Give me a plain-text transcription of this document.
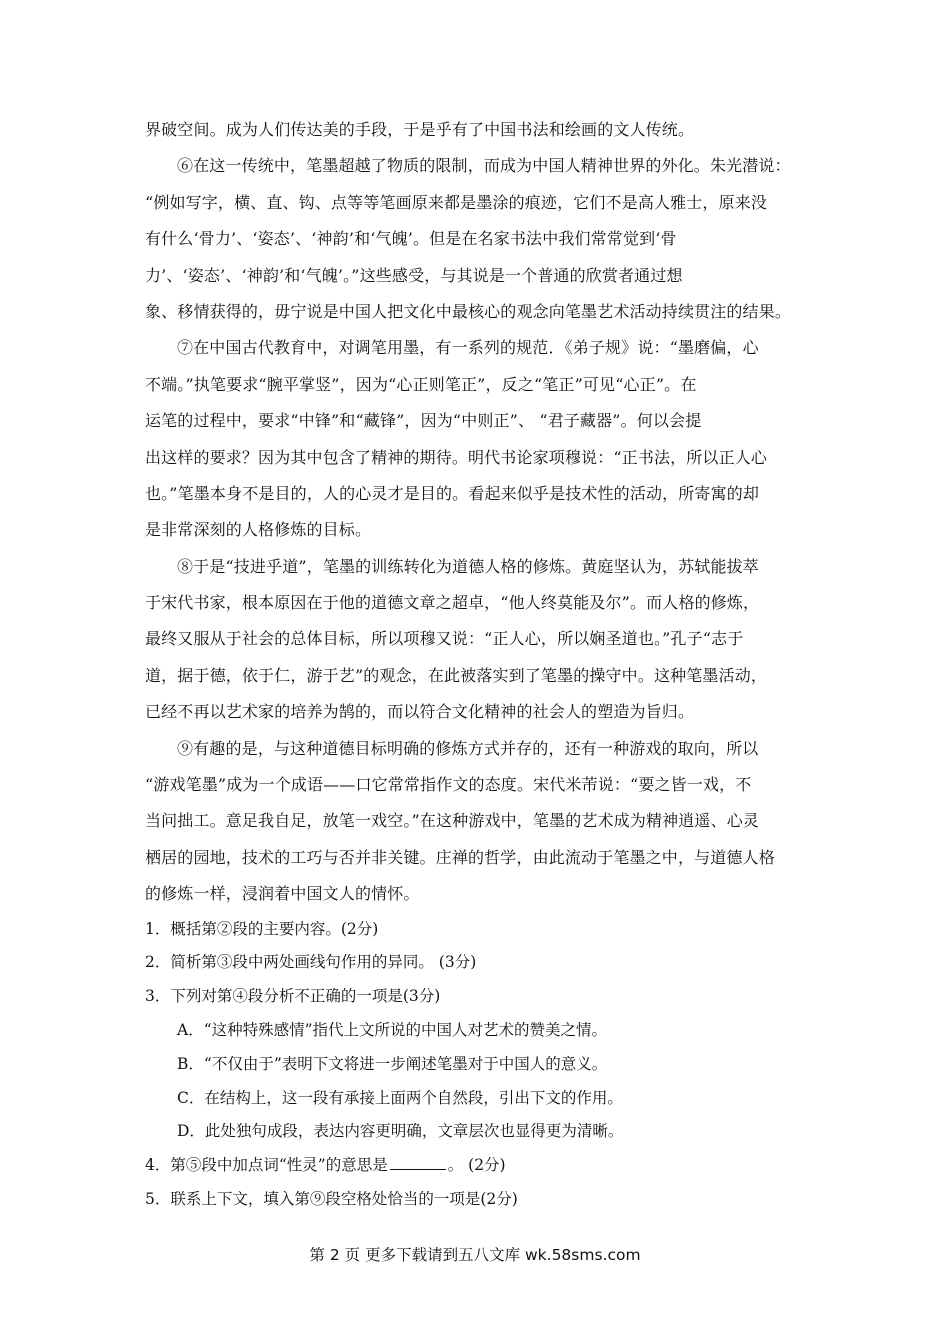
界破空间。成为人们传达美的手段，于是乎有了中国书法和绘画的文人传统。
⑥在这一传统中，笔墨超越了物质的限制，而成为中国人精神世界的外化。朱光潜说：
“例如写字，横、直、钩、点等等笔画原来都是墨涂的痕迹，它们不是高人雅士，原来没
有什么‘骨力’、‘姿态’、‘神韵’和‘气魄’。但是在名家书法中我们常常觉到‘骨
力’、‘姿态’、‘神韵’和‘气魄’。”这些感受，与其说是一个普通的欣赏者通过想
象、移情获得的，毋宁说是中国人把文化中最核心的观念向笔墨艺术活动持续贯注的结果。
⑦在中国古代教育中，对调笔用墨，有一系列的规范．《弟子规》说：“墨磨偏，心
不端。”执笔要求“腕平掌竖”，因为“心正则笔正”，反之“笔正”可见“心正”。在
运笔的过程中，要求“中锋”和“藏锋”，因为“中则正”、 “君子藏器”。何以会提
出这样的要求？因为其中包含了精神的期待。明代书论家项穆说：“正书法，所以正人心
也。”笔墨本身不是目的，人的心灵才是目的。看起来似乎是技术性的活动，所寄寓的却
是非常深刻的人格修炼的目标。
⑧于是“技进乎道”，笔墨的训练转化为道德人格的修炼。黄庭坚认为，苏轼能拔萃
于宋代书家，根本原因在于他的道德文章之超卓，“他人终莫能及尔”。而人格的修炼，
最终又服从于社会的总体目标，所以项穆又说：“正人心，所以娴圣道也。”孔子“志于
道，据于德，依于仁，游于艺”的观念，在此被落实到了笔墨的操守中。这种笔墨活动，
已经不再以艺术家的培养为鹄的，而以符合文化精神的社会人的塑造为旨归。
⑨有趣的是，与这种道德目标明确的修炼方式并存的，还有一种游戏的取向，所以
“游戏笔墨”成为一个成语——口它常常指作文的态度。宋代米芾说：“要之皆一戏，不
当问拙工。意足我自足，放笔一戏空。”在这种游戏中，笔墨的艺术成为精神逍遥、心灵
栖居的园地，技术的工巧与否并非关键。庄禅的哲学，由此流动于笔墨之中，与道德人格
的修炼一样，浸润着中国文人的情怀。
1．概括第②段的主要内容。(2分)
2．简析第③段中两处画线句作用的异同。 (3分)
3．下列对第④段分析不正确的一项是(3分)
A．“这种特殊感情”指代上文所说的中国人对艺术的赞美之情。
B．“不仅由于”表明下文将进一步阐述笔墨对于中国人的意义。
C．在结构上，这一段有承接上面两个自然段，引出下文的作用。
D．此处独句成段，表达内容更明确，文章层次也显得更为清晰。
4．第⑤段中加点词“性灵”的意思是	。 (2分)
5．联系上下文，填入第⑨段空格处恰当的一项是(2分)
第 2 页 更多下载请到五八文库 wk.58sms.com
